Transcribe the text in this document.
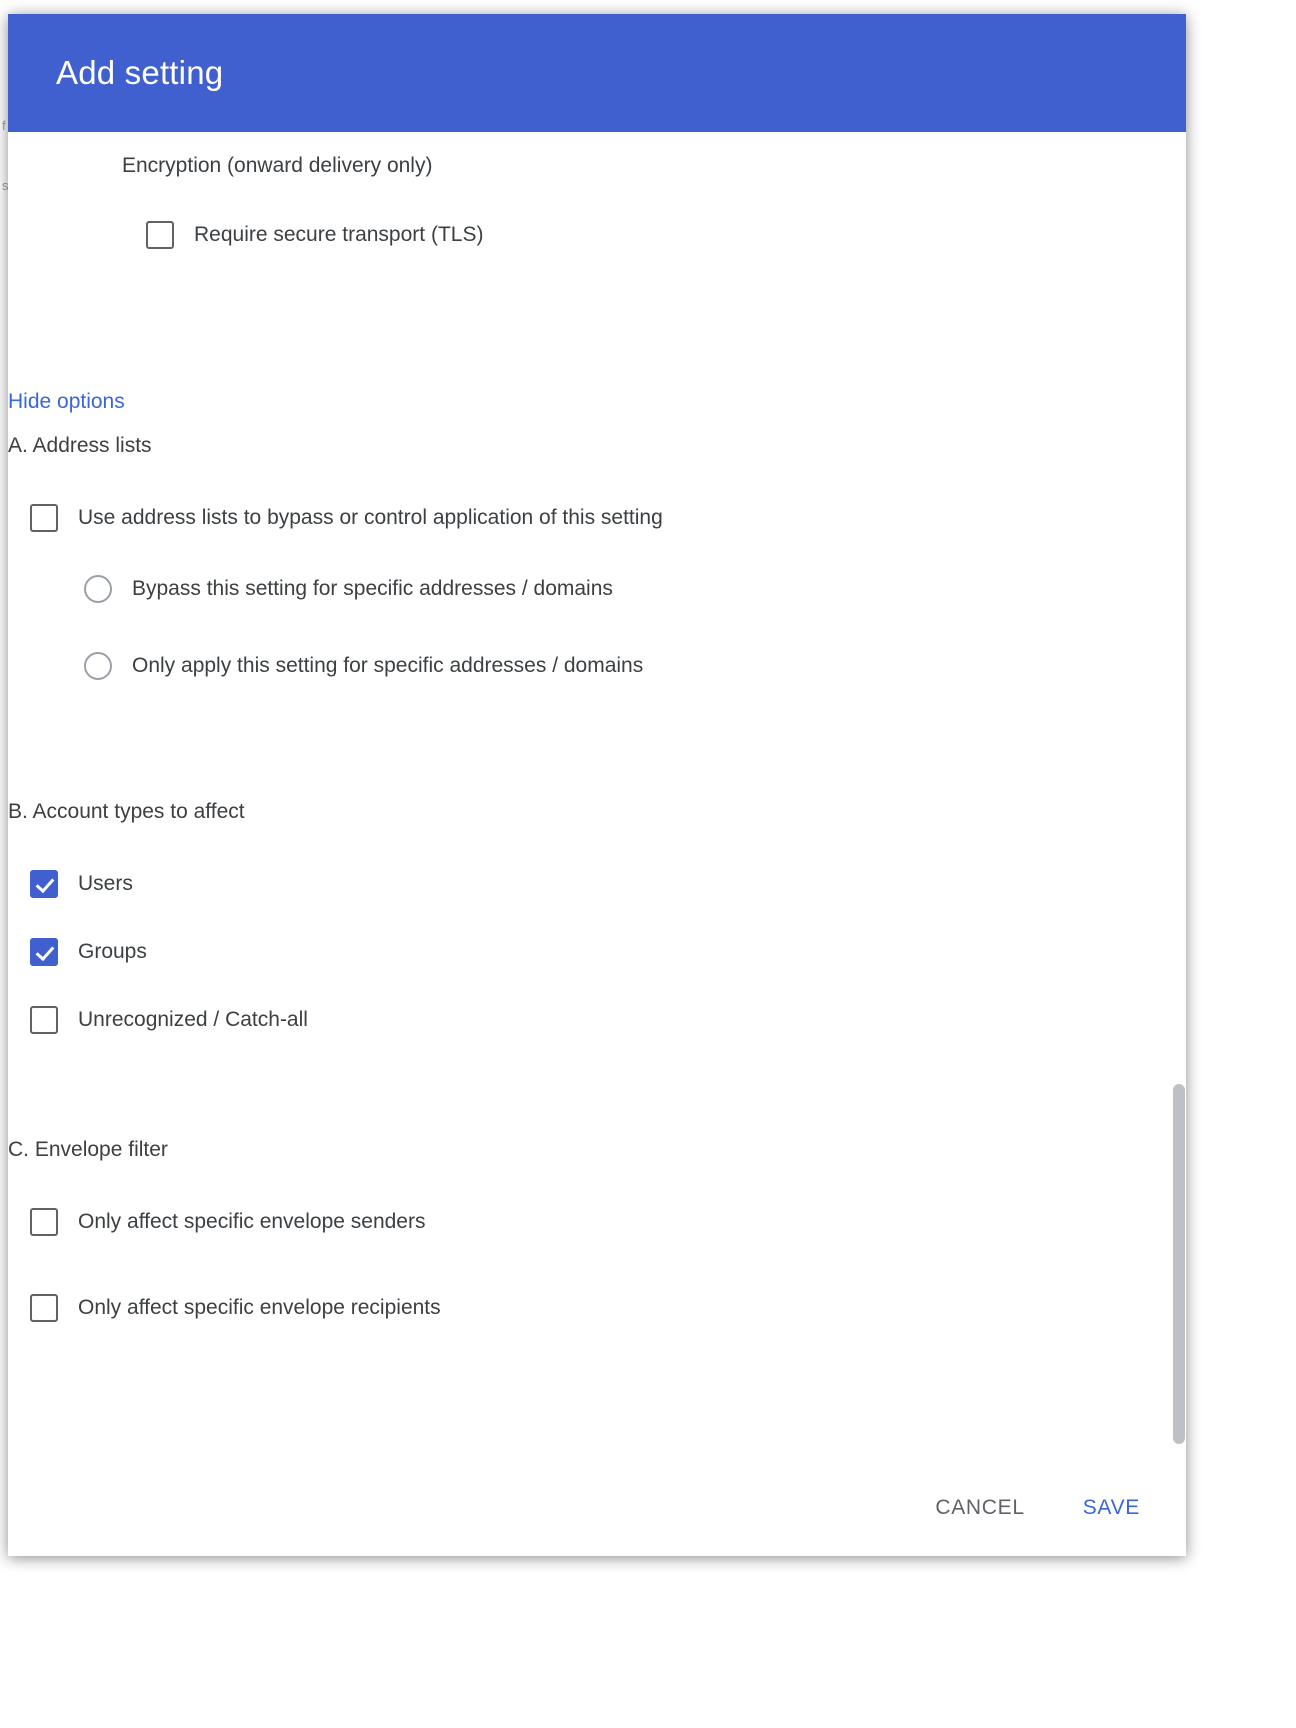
f
s
Add setting
Encryption (onward delivery only)
Require secure transport (TLS)
Hide options
A. Address lists
Use address lists to bypass or control application of this setting
Bypass this setting for specific addresses / domains
Only apply this setting for specific addresses / domains
B. Account types to affect
Users
Groups
Unrecognized / Catch-all
C. Envelope filter
Only affect specific envelope senders
Only affect specific envelope recipients
CANCEL	SAVE
